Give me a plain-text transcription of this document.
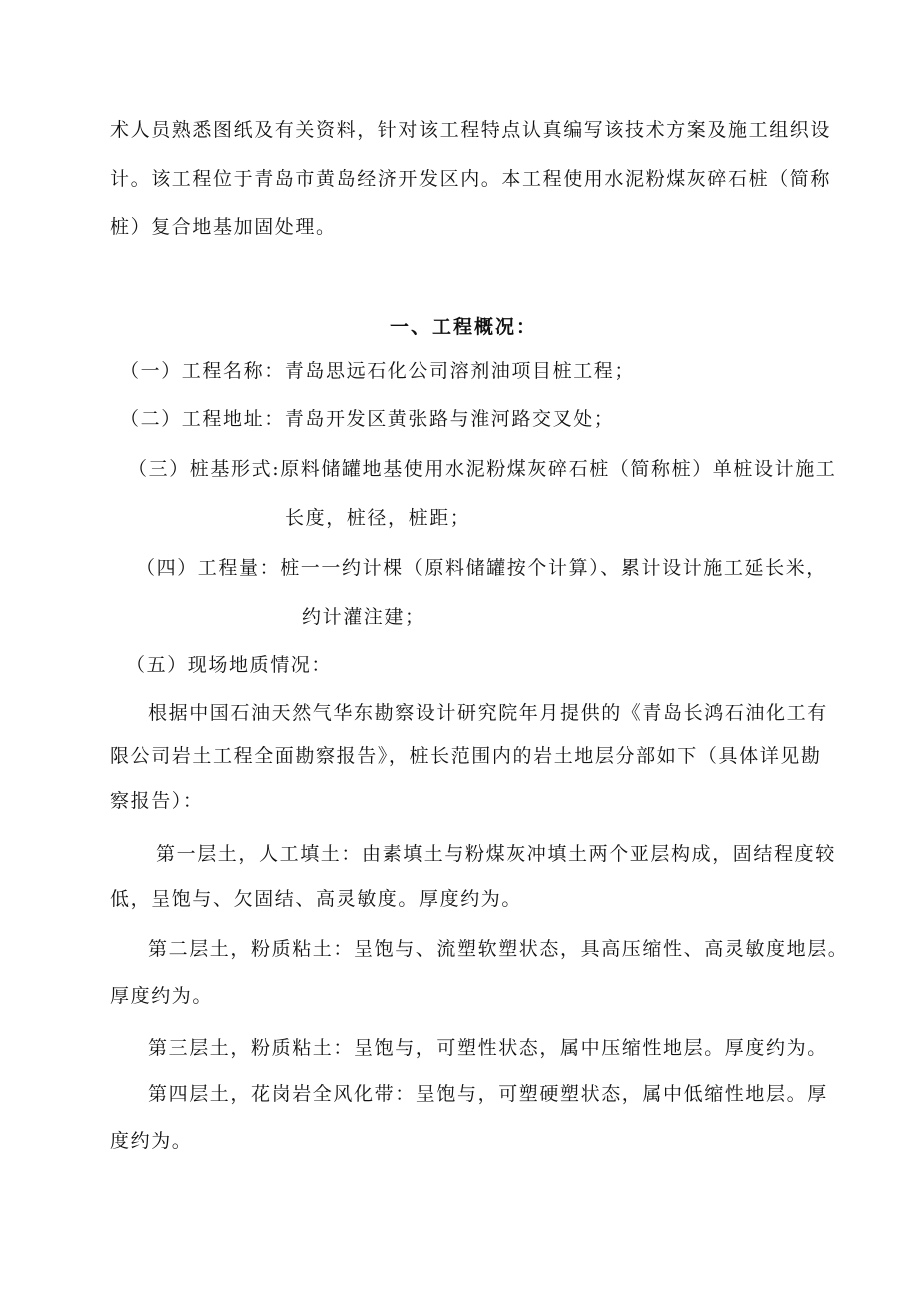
术人员熟悉图纸及有关资料，针对该工程特点认真编写该技术方案及施工组织设
计。该工程位于青岛市黄岛经济开发区内。本工程使用水泥粉煤灰碎石桩（简称
桩）复合地基加固处理。
一、工程概况：
（一）工程名称：青岛思远石化公司溶剂油项目桩工程；
（二）工程地址：青岛开发区黄张路与淮河路交叉处；
（三）桩基形式:原料储罐地基使用水泥粉煤灰碎石桩（简称桩）单桩设计施工
长度，桩径，桩距；
（四）工程量：桩一一约计棵（原料储罐按个计算）、累计设计施工延长米，
约计灌注建；
（五）现场地质情况：
根据中国石油天然气华东勘察设计研究院年月提供的《青岛长鸿石油化工有
限公司岩土工程全面勘察报告》，桩长范围内的岩土地层分部如下（具体详见勘
察报告）：
第一层土，人工填土：由素填土与粉煤灰冲填土两个亚层构成，固结程度较
低，呈饱与、欠固结、高灵敏度。厚度约为。
第二层土，粉质粘土：呈饱与、流塑软塑状态，具高压缩性、高灵敏度地层。
厚度约为。
第三层土，粉质粘土：呈饱与，可塑性状态，属中压缩性地层。厚度约为。
第四层土，花岗岩全风化带：呈饱与，可塑硬塑状态，属中低缩性地层。厚
度约为。
